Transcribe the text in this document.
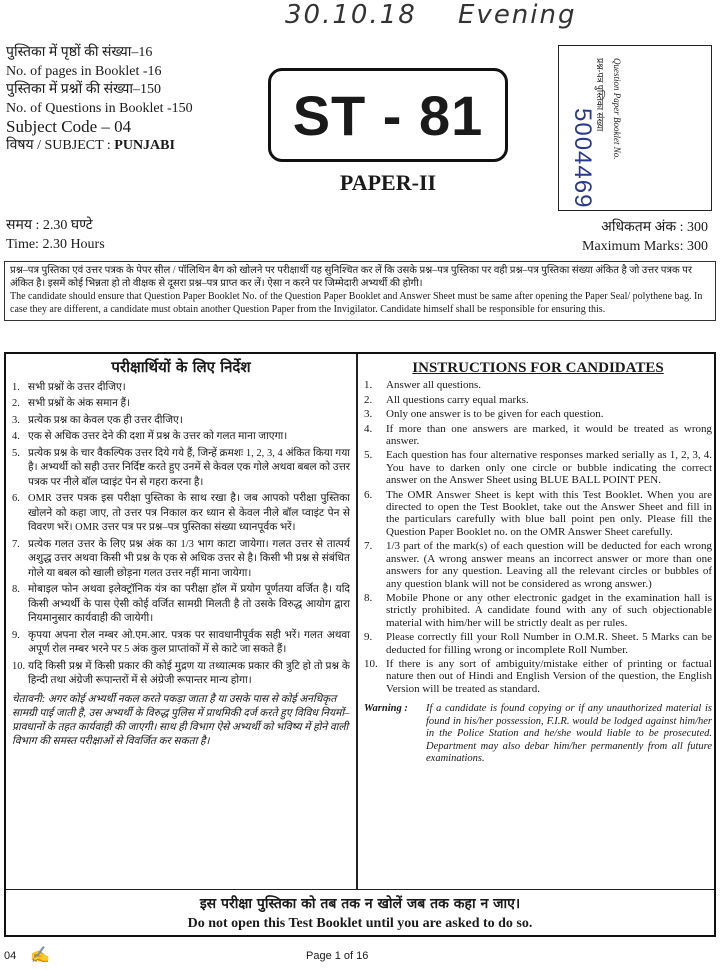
30.10.18 Evening
पुस्तिका में पृष्ठों की संख्या–16
No. of pages in Booklet -16
पुस्तिका में प्रश्नों की संख्या–150
No. of Questions in Booklet -150
Subject Code – 04
विषय / SUBJECT : PUNJABI	ST - 81
PAPER-II
Question Paper Booklet No.
प्रश्न-पत्र पुस्तिका संख्या
5004469
समय : 2.30 घण्टे
Time: 2.30 Hours
अधिकतम अंक : 300
Maximum Marks: 300

प्रश्न–पत्र पुस्तिका एवं उत्तर पत्रक के पेपर सील / पॉलिथिन बैग को खोलने पर परीक्षार्थी यह सुनिश्चित कर लें कि उसके प्रश्न–पत्र पुस्तिका पर वही प्रश्न–पत्र पुस्तिका संख्या अंकित है जो उत्तर पत्रक पर अंकित है। इसमें कोई भिन्नता हो तो वीक्षक से दूसरा प्रश्न–पत्र प्राप्त कर लें। ऐसा न करने पर जिम्मेदारी अभ्यर्थी की होगी।

The candidate should ensure that Question Paper Booklet No. of the Question Paper Booklet and Answer Sheet must be same after opening the Paper Seal/ polythene bag. In case they are different, a candidate must obtain another Question Paper from the Invigilator. Candidate himself shall be responsible for ensuring this.

परीक्षार्थियों के लिए निर्देश
1. सभी प्रश्नों के उत्तर दीजिए।
2. सभी प्रश्नों के अंक समान हैं।
3. प्रत्येक प्रश्न का केवल एक ही उत्तर दीजिए।
4. एक से अधिक उत्तर देने की दशा में प्रश्न के उत्तर को गलत माना जाएगा।
5. प्रत्येक प्रश्न के चार वैकल्पिक उत्तर दिये गये हैं, जिन्हें क्रमशः 1, 2, 3, 4 अंकित किया गया है। अभ्यर्थी को सही उत्तर निर्दिष्ट करते हुए उनमें से केवल एक गोले अथवा बबल को उत्तर पत्रक पर नीले बॉल प्वाइंट पेन से गहरा करना है।
6. OMR उत्तर पत्रक इस परीक्षा पुस्तिका के साथ रखा है। जब आपको परीक्षा पुस्तिका खोलने को कहा जाए, तो उत्तर पत्र निकाल कर ध्यान से केवल नीले बॉल प्वाइंट पेन से विवरण भरें। OMR उत्तर पत्र पर प्रश्न–पत्र पुस्तिका संख्या ध्यानपूर्वक भरें।
7. प्रत्येक गलत उत्तर के लिए प्रश्न अंक का 1/3 भाग काटा जायेगा। गलत उत्तर से तात्पर्य अशुद्ध उत्तर अथवा किसी भी प्रश्न के एक से अधिक उत्तर से है। किसी भी प्रश्न से संबंधित गोले या बबल को खाली छोड़ना गलत उत्तर नहीं माना जायेगा।
8. मोबाइल फोन अथवा इलेक्ट्रॉनिक यंत्र का परीक्षा हॉल में प्रयोग पूर्णतया वर्जित है। यदि किसी अभ्यर्थी के पास ऐसी कोई वर्जित सामग्री मिलती है तो उसके विरुद्ध आयोग द्वारा नियमानुसार कार्यवाही की जायेगी।
9. कृपया अपना रोल नम्बर ओ.एम.आर. पत्रक पर सावधानीपूर्वक सही भरें। गलत अथवा अपूर्ण रोल नम्बर भरने पर 5 अंक कुल प्राप्तांकों में से काटे जा सकते हैं।
10. यदि किसी प्रश्न में किसी प्रकार की कोई मुद्रण या तथ्यात्मक प्रकार की त्रुटि हो तो प्रश्न के हिन्दी तथा अंग्रेजी रूपान्तरों में से अंग्रेजी रूपान्तर मान्य होगा।
चेतावनी: अगर कोई अभ्यर्थी नकल करते पकड़ा जाता है या उसके पास से कोई अनधिकृत सामग्री पाई जाती है, उस अभ्यर्थी के विरुद्ध पुलिस में प्राथमिकी दर्ज करते हुए विविध नियमों–प्रावधानों के तहत कार्यवाही की जाएगी। साथ ही विभाग ऐसे अभ्यर्थी को भविष्य में होने वाली विभाग की समस्त परीक्षाओं से विवर्जित कर सकता है।
INSTRUCTIONS FOR CANDIDATES
1.	Answer all questions.
2.	All questions carry equal marks.
3.	Only one answer is to be given for each question.
4.	If more than one answers are marked, it would be treated as wrong answer.
5.	Each question has four alternative responses marked serially as 1, 2, 3, 4. You have to darken only one circle or bubble indicating the correct answer on the Answer Sheet using BLUE BALL POINT PEN.
6.	The OMR Answer Sheet is kept with this Test Booklet. When you are directed to open the Test Booklet, take out the Answer Sheet and fill in the particulars carefully with blue ball point pen only. Please fill the Question Paper Booklet no. on the OMR Answer Sheet carefully.
7.	1/3 part of the mark(s) of each question will be deducted for each wrong answer. (A wrong answer means an incorrect answer or more than one answers for any question. Leaving all the relevant circles or bubbles of any question blank will not be considered as wrong answer.)
8.	Mobile Phone or any other electronic gadget in the examination hall is strictly prohibited. A candidate found with any of such objectionable material with him/her will be strictly dealt as per rules.
9.	Please correctly fill your Roll Number in O.M.R. Sheet. 5 Marks can be deducted for filling wrong or incomplete Roll Number.
10. If there is any sort of ambiguity/mistake either of printing or factual nature then out of Hindi and English Version of the question, the English Version will be treated as standard.
Warning :	If a candidate is found copying or if any unauthorized material is found in his/her possession, F.I.R. would be lodged against him/her in the Police Station and he/she would liable to be prosecuted. Department may also debar him/her permanently from all future examinations.
इस परीक्षा पुस्तिका को तब तक न खोलें जब तक कहा न जाए।
Do not open this Test Booklet until you are asked to do so.
04 ✍	Page 1 of 16
